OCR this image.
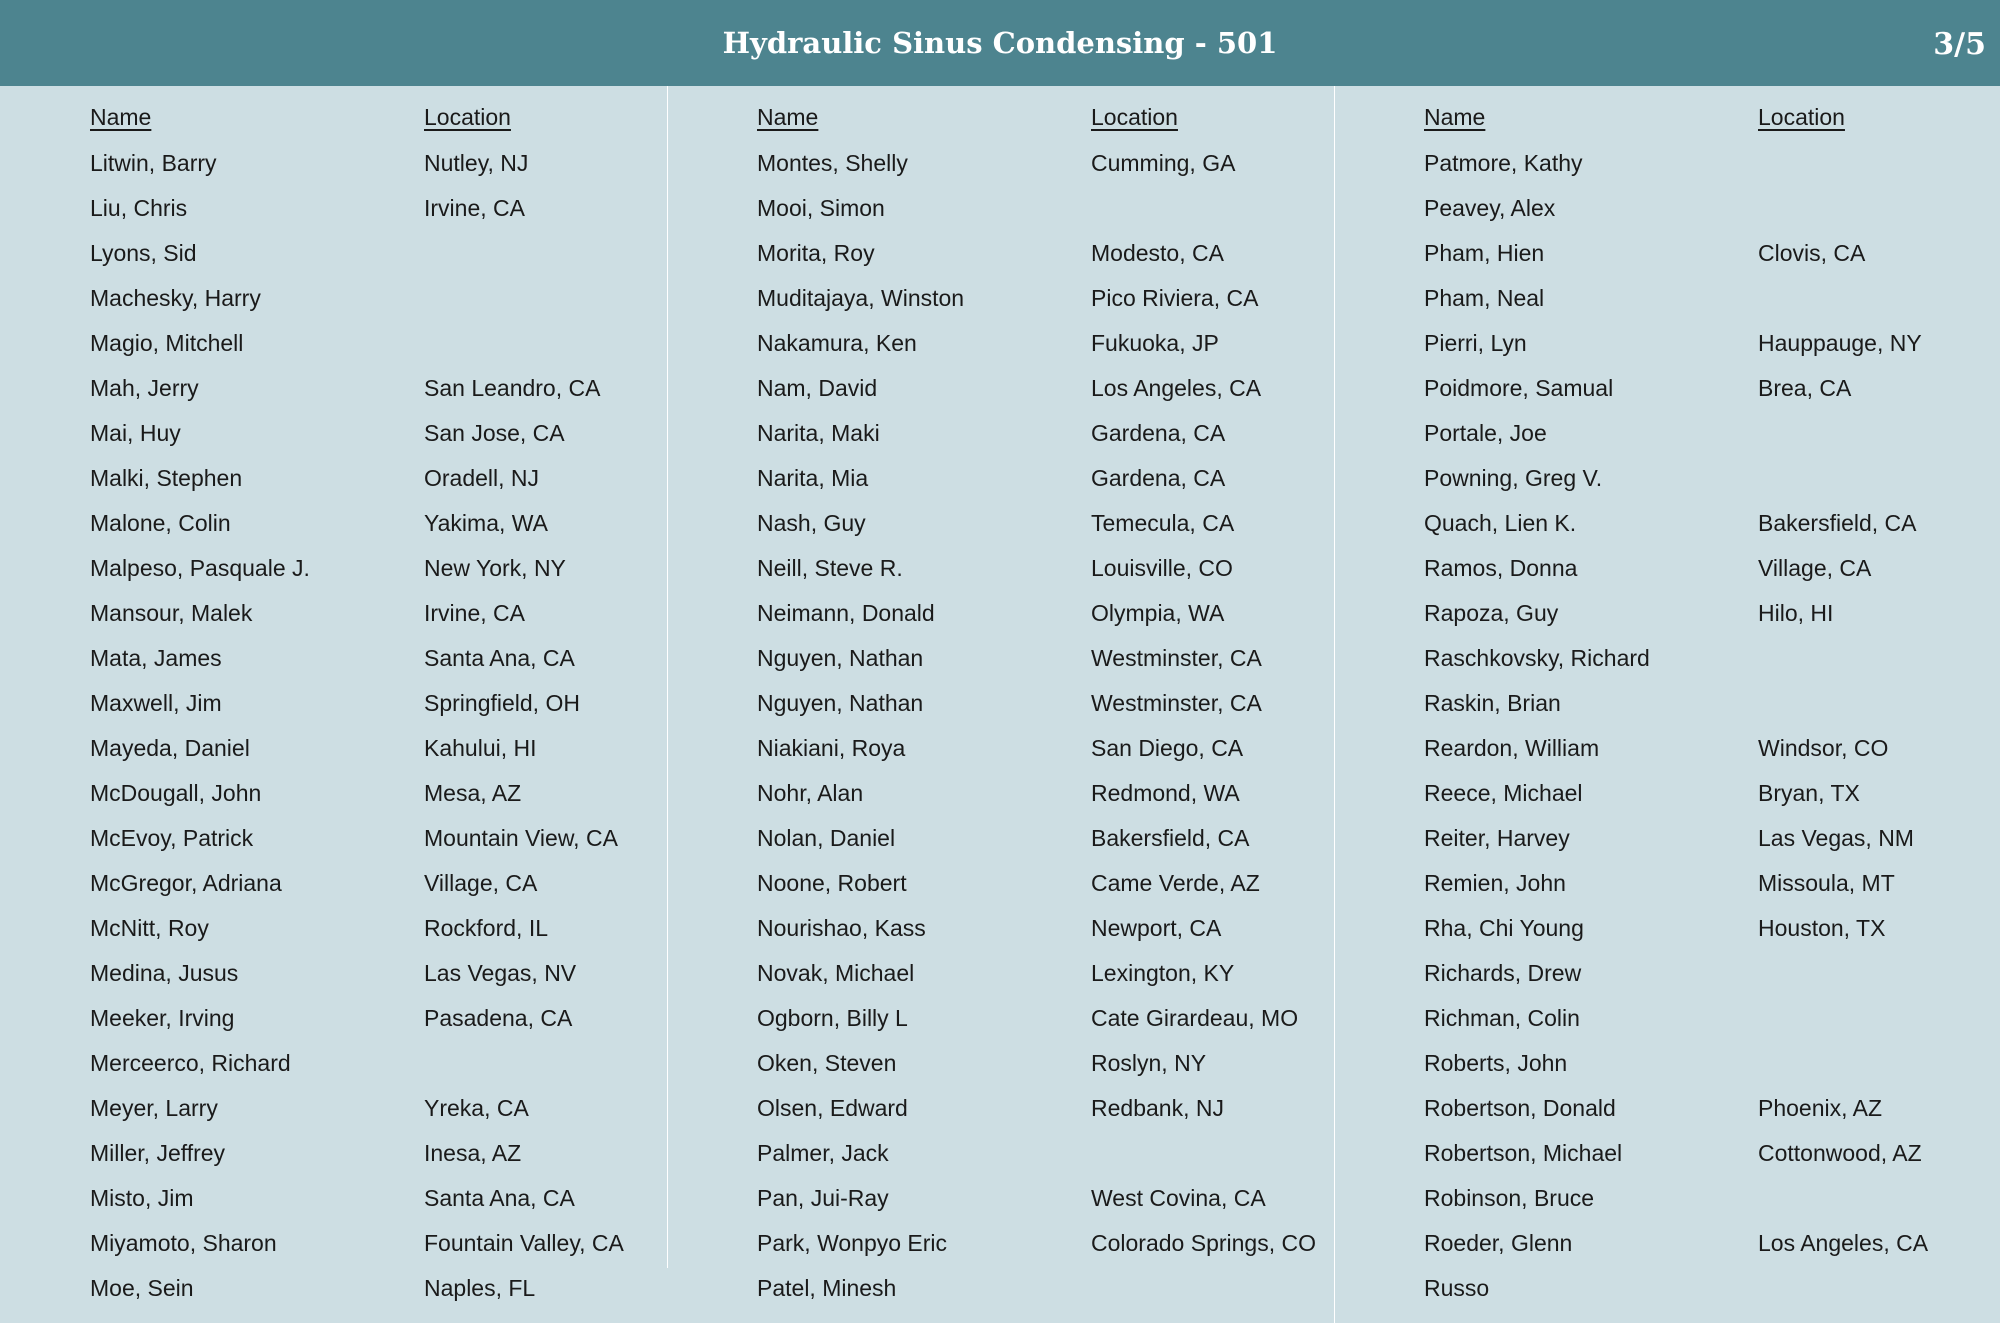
Hydraulic Sinus Condensing - 501	3/5
Name	Location
Litwin, Barry	Nutley, NJ
Liu, Chris	Irvine, CA
Lyons, Sid
Machesky, Harry
Magio, Mitchell
Mah, Jerry	San Leandro, CA
Mai, Huy	San Jose, CA
Malki, Stephen	Oradell, NJ
Malone, Colin	Yakima, WA
Malpeso, Pasquale J.	New York, NY
Mansour, Malek	Irvine, CA
Mata, James	Santa Ana, CA
Maxwell, Jim	Springfield, OH
Mayeda, Daniel	Kahului, HI
McDougall, John	Mesa, AZ
McEvoy, Patrick	Mountain View, CA
McGregor, Adriana	Village, CA
McNitt, Roy	Rockford, IL
Medina, Jusus	Las Vegas, NV
Meeker, Irving	Pasadena, CA
Merceerco, Richard
Meyer, Larry	Yreka, CA
Miller, Jeffrey	Inesa, AZ
Misto, Jim	Santa Ana, CA
Miyamoto, Sharon	Fountain Valley, CA
Moe, Sein	Naples, FL
Name	Location
Montes, Shelly	Cumming, GA
Mooi, Simon
Morita, Roy	Modesto, CA
Muditajaya, Winston	Pico Riviera, CA
Nakamura, Ken	Fukuoka, JP
Nam, David	Los Angeles, CA
Narita, Maki	Gardena, CA
Narita, Mia	Gardena, CA
Nash, Guy	Temecula, CA
Neill, Steve R.	Louisville, CO
Neimann, Donald	Olympia, WA
Nguyen, Nathan	Westminster, CA
Nguyen, Nathan	Westminster, CA
Niakiani, Roya	San Diego, CA
Nohr, Alan	Redmond, WA
Nolan, Daniel	Bakersfield, CA
Noone, Robert	Came Verde, AZ
Nourishao, Kass	Newport, CA
Novak, Michael	Lexington, KY
Ogborn, Billy L	Cate Girardeau, MO
Oken, Steven	Roslyn, NY
Olsen, Edward	Redbank, NJ
Palmer, Jack
Pan, Jui-Ray	West Covina, CA
Park, Wonpyo Eric	Colorado Springs, CO
Patel, Minesh
Name	Location
Patmore, Kathy
Peavey, Alex
Pham, Hien	Clovis, CA
Pham, Neal
Pierri, Lyn	Hauppauge, NY
Poidmore, Samual	Brea, CA
Portale, Joe
Powning, Greg V.
Quach, Lien K.	Bakersfield, CA
Ramos, Donna	Village, CA
Rapoza, Guy	Hilo, HI
Raschkovsky, Richard
Raskin, Brian
Reardon, William	Windsor, CO
Reece, Michael	Bryan, TX
Reiter, Harvey	Las Vegas, NM
Remien, John	Missoula, MT
Rha, Chi Young	Houston, TX
Richards, Drew
Richman, Colin
Roberts, John
Robertson, Donald	Phoenix, AZ
Robertson, Michael	Cottonwood, AZ
Robinson, Bruce
Roeder, Glenn	Los Angeles, CA
Russo
